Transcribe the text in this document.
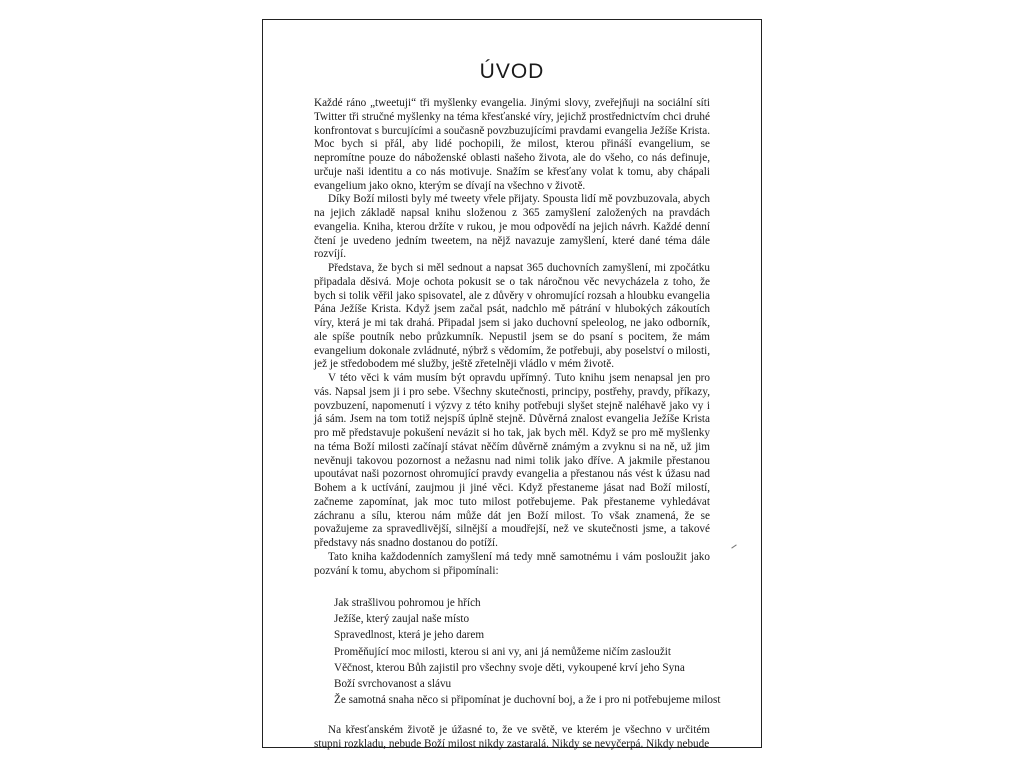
ÚVOD

Každé ráno „tweetuji“ tři myšlenky evangelia. Jinými slovy, zveřejňuji na sociální síti Twitter tři stručné myšlenky na téma křesťanské víry, jejichž prostřednictvím chci druhé konfrontovat s burcujícími a současně povzbuzujícími pravdami evangelia Ježíše Krista. Moc bych si přál, aby lidé pochopili, že milost, kterou přináší evangelium, se nepromítne pouze do náboženské oblasti našeho života, ale do všeho, co nás definuje, určuje naši identitu a co nás motivuje. Snažím se křesťany volat k tomu, aby chápali evangelium jako okno, kterým se dívají na všechno v životě.

Díky Boží milosti byly mé tweety vřele přijaty. Spousta lidí mě povzbuzovala, abych na jejich základě napsal knihu složenou z 365 zamyšlení založených na pravdách evangelia. Kniha, kterou držíte v rukou, je mou odpovědí na jejich návrh. Každé denní čtení je uvedeno jedním tweetem, na nějž navazuje zamyšlení, které dané téma dále rozvíjí.

Představa, že bych si měl sednout a napsat 365 duchovních zamyšlení, mi zpočátku připadala děsivá. Moje ochota pokusit se o tak náročnou věc nevycházela z toho, že bych si tolik věřil jako spisovatel, ale z důvěry v ohromující rozsah a hloubku evangelia Pána Ježíše Krista. Když jsem začal psát, nadchlo mě pátrání v hlubokých zákoutích víry, která je mi tak drahá. Připadal jsem si jako duchovní speleolog, ne jako odborník, ale spíše poutník nebo průzkumník. Nepustil jsem se do psaní s pocitem, že mám evangelium dokonale zvládnuté, nýbrž s vědomím, že potřebuji, aby poselství o milosti, jež je středobodem mé služby, ještě zřetelněji vládlo v mém životě.

V této věci k vám musím být opravdu upřímný. Tuto knihu jsem nenapsal jen pro vás. Napsal jsem ji i pro sebe. Všechny skutečnosti, principy, postřehy, pravdy, příkazy, povzbuzení, napomenutí i výzvy z této knihy potřebuji slyšet stejně naléhavě jako vy i já sám. Jsem na tom totiž nejspíš úplně stejně. Důvěrná znalost evangelia Ježíše Krista pro mě představuje pokušení nevázit si ho tak, jak bych měl. Když se pro mě myšlenky na téma Boží milosti začínají stávat něčím důvěrně známým a zvyknu si na ně, už jim nevěnuji takovou pozornost a nežasnu nad nimi tolik jako dříve. A jakmile přestanou upoutávat naši pozornost ohromující pravdy evangelia a přestanou nás vést k úžasu nad Bohem a k uctívání, zaujmou ji jiné věci. Když přestaneme jásat nad Boží milostí, začneme zapomínat, jak moc tuto milost potřebujeme. Pak přestaneme vyhledávat záchranu a sílu, kterou nám může dát jen Boží milost. To však znamená, že se považujeme za spravedlivější, silnější a moudřejší, než ve skutečnosti jsme, a takové představy nás snadno dostanou do potíží.

Tato kniha každodenních zamyšlení má tedy mně samotnému i vám posloužit jako pozvání k tomu, abychom si připomínali:

Jak strašlivou pohromou je hřích
Ježíše, který zaujal naše místo
Spravedlnost, která je jeho darem
Proměňující moc milosti, kterou si ani vy, ani já nemůžeme ničím zasloužit
Věčnost, kterou Bůh zajistil pro všechny svoje děti, vykoupené krví jeho Syna
Boží svrchovanost a slávu
Že samotná snaha něco si připomínat je duchovní boj, a že i pro ni potřebujeme milost

Na křesťanském životě je úžasné to, že ve světě, ve kterém je všechno v určitém stupni rozkladu, nebude Boží milost nikdy zastaralá. Nikdy se nevyčerpá. Nikdy nebude
